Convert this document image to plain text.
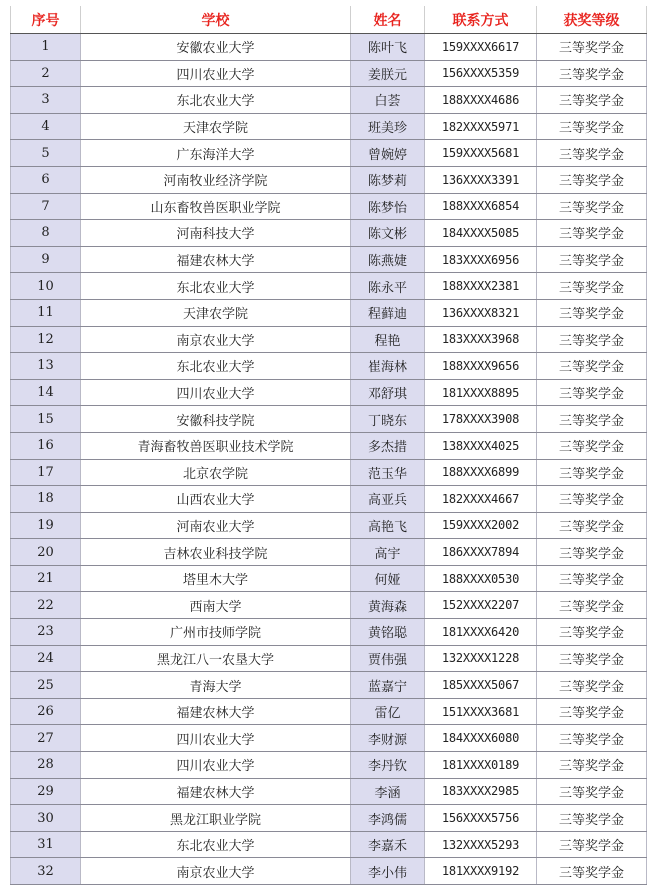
序号	学校	姓名	联系方式	获奖等级
1	安徽农业大学	陈叶飞	159XXXX6617	三等奖学金
2	四川农业大学	姜朕元	156XXXX5359	三等奖学金
3	东北农业大学	白荟	188XXXX4686	三等奖学金
4	天津农学院	班美珍	182XXXX5971	三等奖学金
5	广东海洋大学	曾婉婷	159XXXX5681	三等奖学金
6	河南牧业经济学院	陈梦莉	136XXXX3391	三等奖学金
7	山东畜牧兽医职业学院	陈梦怡	188XXXX6854	三等奖学金
8	河南科技大学	陈文彬	184XXXX5085	三等奖学金
9	福建农林大学	陈燕婕	183XXXX6956	三等奖学金
10	东北农业大学	陈永平	188XXXX2381	三等奖学金
11	天津农学院	程藓迪	136XXXX8321	三等奖学金
12	南京农业大学	程艳	183XXXX3968	三等奖学金
13	东北农业大学	崔海林	188XXXX9656	三等奖学金
14	四川农业大学	邓舒琪	181XXXX8895	三等奖学金
15	安徽科技学院	丁晓东	178XXXX3908	三等奖学金
16	青海畜牧兽医职业技术学院	多杰措	138XXXX4025	三等奖学金
17	北京农学院	范玉华	188XXXX6899	三等奖学金
18	山西农业大学	高亚兵	182XXXX4667	三等奖学金
19	河南农业大学	高艳飞	159XXXX2002	三等奖学金
20	吉林农业科技学院	高宇	186XXXX7894	三等奖学金
21	塔里木大学	何娅	188XXXX0530	三等奖学金
22	西南大学	黄海森	152XXXX2207	三等奖学金
23	广州市技师学院	黄铭聪	181XXXX6420	三等奖学金
24	黑龙江八一农垦大学	贾伟强	132XXXX1228	三等奖学金
25	青海大学	蓝嘉宁	185XXXX5067	三等奖学金
26	福建农林大学	雷亿	151XXXX3681	三等奖学金
27	四川农业大学	李财源	184XXXX6080	三等奖学金
28	四川农业大学	李丹钦	181XXXX0189	三等奖学金
29	福建农林大学	李涵	183XXXX2985	三等奖学金
30	黑龙江职业学院	李鸿儒	156XXXX5756	三等奖学金
31	东北农业大学	李嘉禾	132XXXX5293	三等奖学金
32	南京农业大学	李小伟	181XXXX9192	三等奖学金
